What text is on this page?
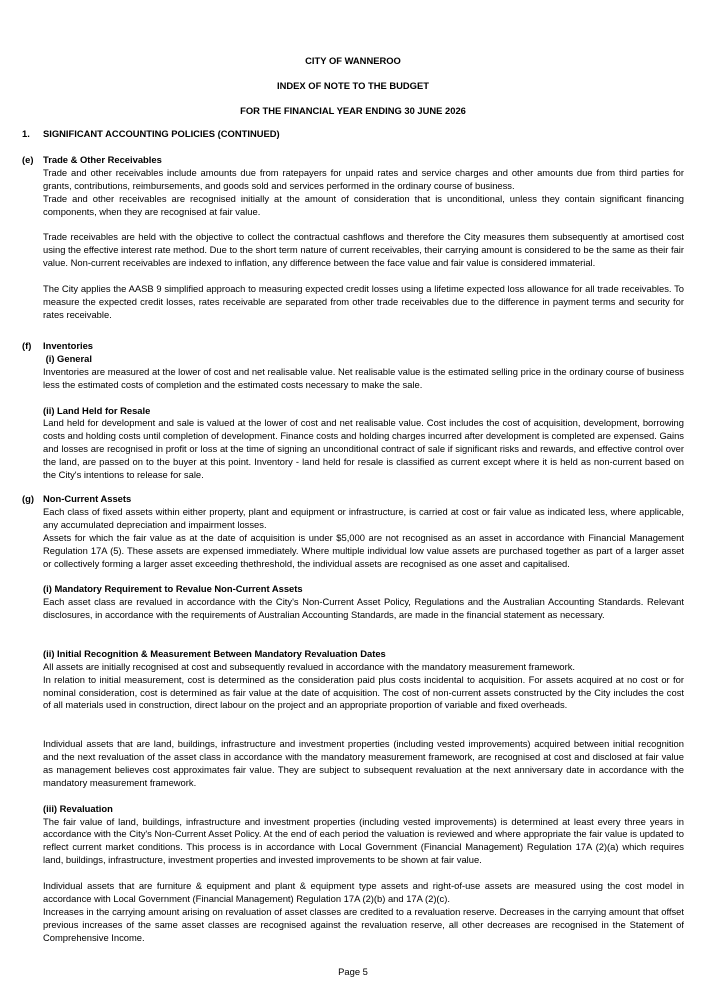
CITY OF WANNEROO
INDEX OF NOTE TO THE BUDGET
FOR THE FINANCIAL YEAR ENDING 30 JUNE 2026
1. SIGNIFICANT ACCOUNTING POLICIES (CONTINUED)
(e) Trade & Other Receivables

Trade and other receivables include amounts due from ratepayers for unpaid rates and service charges and other amounts due from third parties for grants, contributions, reimbursements, and goods sold and services performed in the ordinary course of business.

Trade and other receivables are recognised initially at the amount of consideration that is unconditional, unless they contain significant financing components, when they are recognised at fair value.

Trade receivables are held with the objective to collect the contractual cashflows and therefore the City measures them subsequently at amortised cost using the effective interest rate method. Due to the short term nature of current receivables, their carrying amount is considered to be the same as their fair value. Non-current receivables are indexed to inflation, any difference between the face value and fair value is considered immaterial.

The City applies the AASB 9 simplified approach to measuring expected credit losses using a lifetime expected loss allowance for all trade receivables. To measure the expected credit losses, rates receivable are separated from other trade receivables due to the difference in payment terms and security for rates receivable.

(f) Inventories
(i) General

Inventories are measured at the lower of cost and net realisable value. Net realisable value is the estimated selling price in the ordinary course of business less the estimated costs of completion and the estimated costs necessary to make the sale.

(ii) Land Held for Resale

Land held for development and sale is valued at the lower of cost and net realisable value. Cost includes the cost of acquisition, development, borrowing costs and holding costs until completion of development. Finance costs and holding charges incurred after development is completed are expensed. Gains and losses are recognised in profit or loss at the time of signing an unconditional contract of sale if significant risks and rewards, and effective control over the land, are passed on to the buyer at this point. Inventory - land held for resale is classified as current except where it is held as non-current based on the City's intentions to release for sale.

(g) Non-Current Assets

Each class of fixed assets within either property, plant and equipment or infrastructure, is carried at cost or fair value as indicated less, where applicable, any accumulated depreciation and impairment losses.

Assets for which the fair value as at the date of acquisition is under $5,000 are not recognised as an asset in accordance with Financial Management Regulation 17A (5). These assets are expensed immediately. Where multiple individual low value assets are purchased together as part of a larger asset or collectively forming a larger asset exceeding thethreshold, the individual assets are recognised as one asset and capitalised.

(i) Mandatory Requirement to Revalue Non-Current Assets

Each asset class are revalued in accordance with the City's Non-Current Asset Policy, Regulations and the Australian Accounting Standards. Relevant disclosures, in accordance with the requirements of Australian Accounting Standards, are made in the financial statement as necessary.

(ii) Initial Recognition & Measurement Between Mandatory Revaluation Dates

All assets are initially recognised at cost and subsequently revalued in accordance with the mandatory measurement framework.

In relation to initial measurement, cost is determined as the consideration paid plus costs incidental to acquisition. For assets acquired at no cost or for nominal consideration, cost is determined as fair value at the date of acquisition. The cost of non-current assets constructed by the City includes the cost of all materials used in construction, direct labour on the project and an appropriate proportion of variable and fixed overheads.

Individual assets that are land, buildings, infrastructure and investment properties (including vested improvements) acquired between initial recognition and the next revaluation of the asset class in accordance with the mandatory measurement framework, are recognised at cost and disclosed at fair value as management believes cost approximates fair value. They are subject to subsequent revaluation at the next anniversary date in accordance with the mandatory measurement framework.

(iii) Revaluation

The fair value of land, buildings, infrastructure and investment properties (including vested improvements) is determined at least every three years in accordance with the City's Non-Current Asset Policy. At the end of each period the valuation is reviewed and where appropriate the fair value is updated to reflect current market conditions. This process is in accordance with Local Government (Financial Management) Regulation 17A (2)(a) which requires land, buildings, infrastructure, investment properties and invested improvements to be shown at fair value.

Individual assets that are furniture & equipment and plant & equipment type assets and right-of-use assets are measured using the cost model in accordance with Local Government (Financial Management) Regulation 17A (2)(b) and 17A (2)(c).

Increases in the carrying amount arising on revaluation of asset classes are credited to a revaluation reserve. Decreases in the carrying amount that offset previous increases of the same asset classes are recognised against the revaluation reserve, all other decreases are recognised in the Statement of Comprehensive Income.

Page 5
